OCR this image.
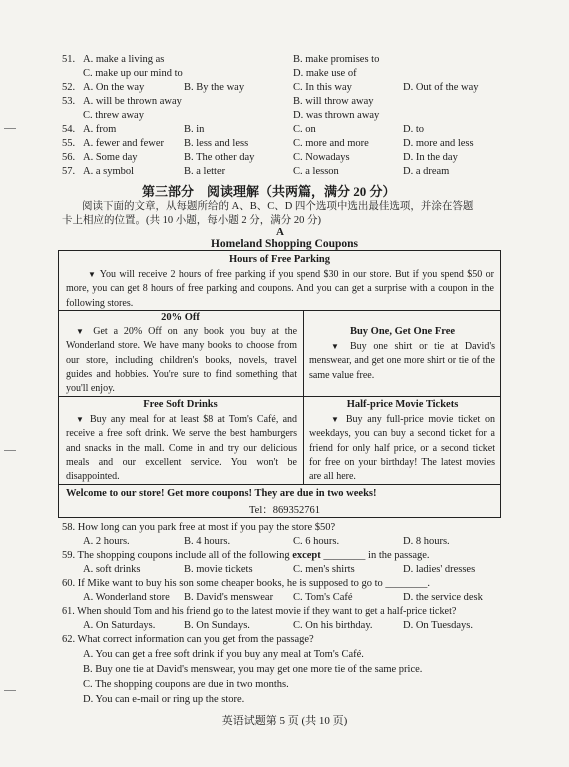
51. A. make a living as	B. make promises to
C. make up our mind to	D. make use of
52. A. On the way	B. By the way	C. In this way	D. Out of the way
53. A. will be thrown away	B. will throw away
C. threw away	D. was thrown away
54. A. from	B. in	C. on	D. to
55. A. fewer and fewer B. less and less	C. more and more	D. more and less
56. A. Some day	B. The other day	C. Nowadays	D. In the day
57. A. a symbol	B. a letter	C. a lesson	D. a dream
第三部分　阅读理解（共两篇，满分 20 分）
阅读下面的文章，从每题所给的 A、B、C、D 四个选项中选出最佳选项，并涂在答题
卡上相应的位置。(共 10 小题，每小题 2 分，满分 20 分)
A
Homeland Shopping Coupons
Hours of Free Parking
▼ You will receive 2 hours of free parking if you spend $30 in our store. But if you spend $50 or more, you can get 8 hours of free parking and coupons. And you can get a surprise with a coupon in the following stores.
20% Off
▼ Get a 20% Off on any book you buy at the Wonderland store. We have many books to choose from our store, including children's books, novels, travel guides and hobbies. You're sure to find something that you'll enjoy.
Buy One, Get One Free
▼ Buy one shirt or tie at David's menswear, and get one more shirt or tie of the same value free.
Free Soft Drinks
▼ Buy any meal for at least $8 at Tom's Café, and receive a free soft drink. We serve the best hamburgers and snacks in the mall. Come in and try our delicious meals and our excellent service. You won't be disappointed.
Half-price Movie Tickets
▼ Buy any full-price movie ticket on weekdays, you can buy a second ticket for a friend for only half price, or a second ticket for free on your birthday! The latest movies are all here.
Welcome to our store! Get more coupons! They are due in two weeks!
Tel：869352761
58. How long can you park free at most if you pay the store $50?
A. 2 hours.	B. 4 hours.	C. 6 hours.	D. 8 hours.
59. The shopping coupons include all of the following except ________ in the passage.
A. soft drinks	B. movie tickets	C. men's shirts	D. ladies' dresses
60. If Mike want to buy his son some cheaper books, he is supposed to go to ________.
A. Wonderland store B. David's menswear C. Tom's Café	D. the service desk
61. When should Tom and his friend go to the latest movie if they want to get a half-price ticket?
A. On Saturdays.	B. On Sundays.	C. On his birthday.	D. On Tuesdays.
62. What correct information can you get from the passage?
A. You can get a free soft drink if you buy any meal at Tom's Café.
B. Buy one tie at David's menswear, you may get one more tie of the same price.
C. The shopping coupons are due in two months.
D. You can e-mail or ring up the store.
英语试题第 5 页 (共 10 页)
